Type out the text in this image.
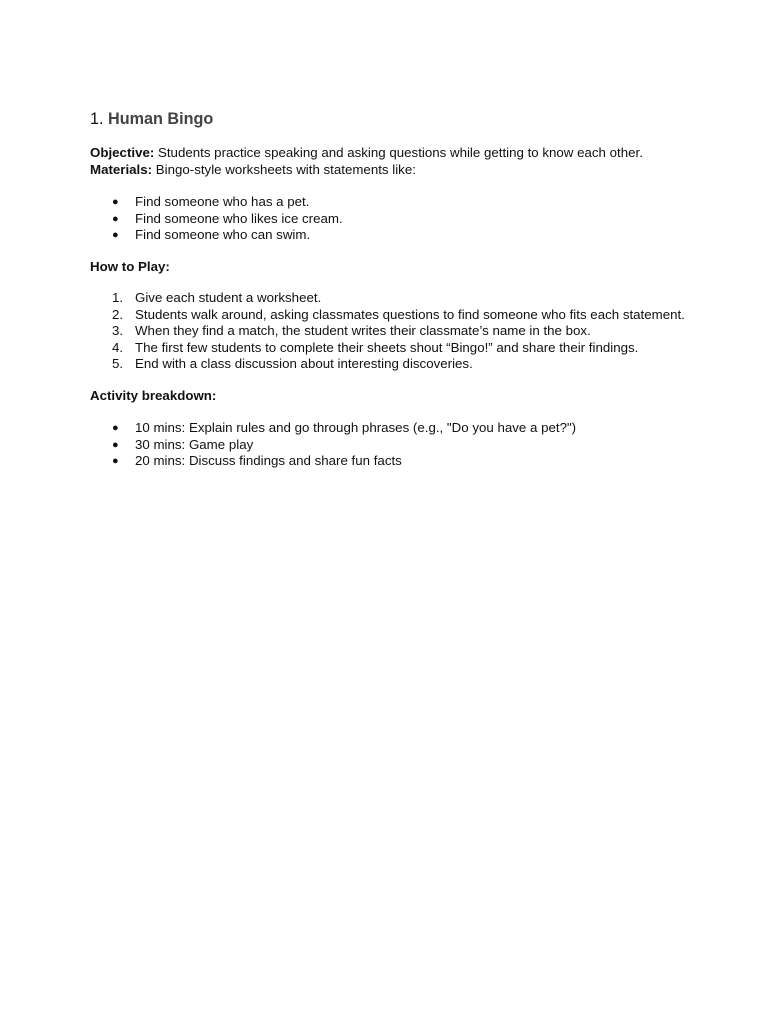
1. Human Bingo

Objective: Students practice speaking and asking questions while getting to know each other.

Materials: Bingo-style worksheets with statements like:

● Find someone who has a pet.
● Find someone who likes ice cream.
● Find someone who can swim.

How to Play:

1. Give each student a worksheet.
2. Students walk around, asking classmates questions to find someone who fits each statement.
3. When they find a match, the student writes their classmate’s name in the box.
4. The first few students to complete their sheets shout “Bingo!” and share their findings.
5. End with a class discussion about interesting discoveries.

Activity breakdown:

● 10 mins: Explain rules and go through phrases (e.g., "Do you have a pet?")
● 30 mins: Game play
● 20 mins: Discuss findings and share fun facts
